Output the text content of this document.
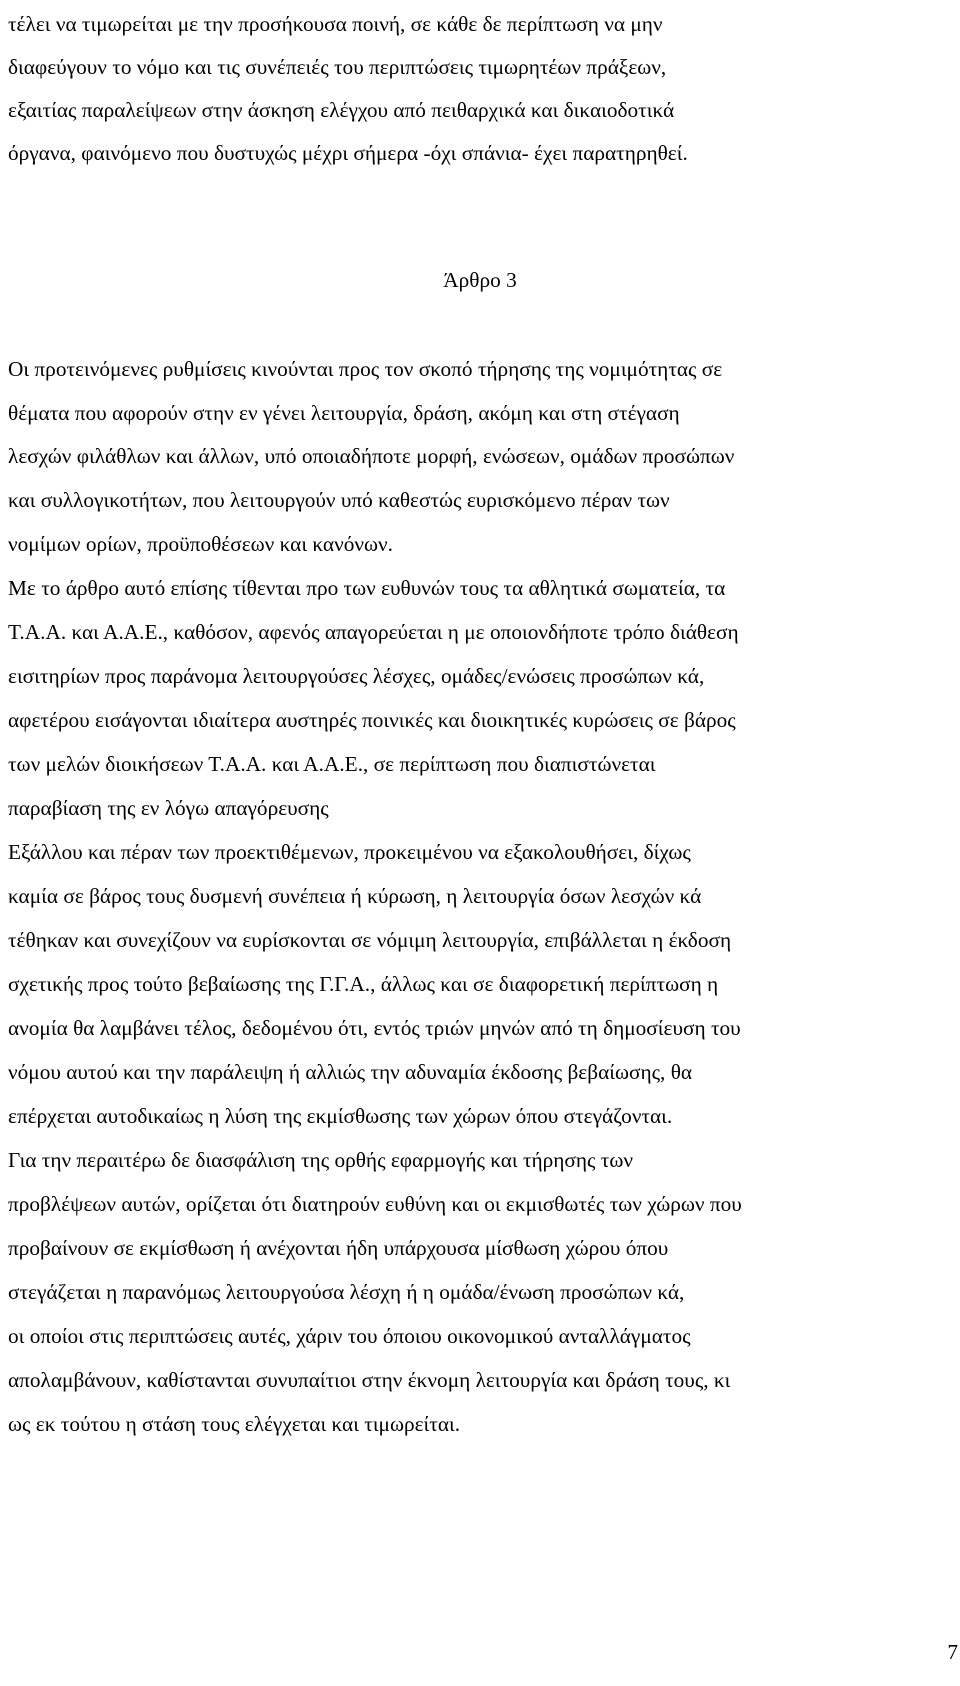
τέλει να τιμωρείται με την προσήκουσα ποινή, σε κάθε δε περίπτωση να μην
διαφεύγουν το νόμο και τις συνέπειές του περιπτώσεις τιμωρητέων πράξεων,
εξαιτίας παραλείψεων στην άσκηση ελέγχου από πειθαρχικά και δικαιοδοτικά
όργανα, φαινόμενο που δυστυχώς μέχρι σήμερα -όχι σπάνια- έχει παρατηρηθεί.
Άρθρο 3
Οι προτεινόμενες ρυθμίσεις κινούνται προς τον σκοπό τήρησης της νομιμότητας σε
θέματα που αφορούν στην εν γένει λειτουργία, δράση, ακόμη και στη στέγαση
λεσχών φιλάθλων και άλλων, υπό οποιαδήποτε μορφή, ενώσεων, ομάδων προσώπων
και συλλογικοτήτων, που λειτουργούν υπό καθεστώς ευρισκόμενο πέραν των
νομίμων ορίων, προϋποθέσεων και κανόνων.
Με το άρθρο αυτό επίσης τίθενται προ των ευθυνών τους τα αθλητικά σωματεία, τα
Τ.Α.Α. και Α.Α.Ε., καθόσον, αφενός απαγορεύεται η με οποιονδήποτε τρόπο διάθεση
εισιτηρίων προς παράνομα λειτουργούσες λέσχες, ομάδες/ενώσεις προσώπων κά,
αφετέρου εισάγονται ιδιαίτερα αυστηρές ποινικές και διοικητικές κυρώσεις σε βάρος
των μελών διοικήσεων Τ.Α.Α. και Α.Α.Ε., σε περίπτωση που διαπιστώνεται
παραβίαση της εν λόγω απαγόρευσης
Εξάλλου και πέραν των προεκτιθέμενων, προκειμένου να εξακολουθήσει, δίχως
καμία σε βάρος τους δυσμενή συνέπεια ή κύρωση, η λειτουργία όσων λεσχών κά
τέθηκαν και συνεχίζουν να ευρίσκονται σε νόμιμη λειτουργία, επιβάλλεται η έκδοση
σχετικής προς τούτο βεβαίωσης της Γ.Γ.Α., άλλως και σε διαφορετική περίπτωση η
ανομία θα λαμβάνει τέλος, δεδομένου ότι, εντός τριών μηνών από τη δημοσίευση του
νόμου αυτού και την παράλειψη ή αλλιώς την αδυναμία έκδοσης βεβαίωσης, θα
επέρχεται αυτοδικαίως η λύση της εκμίσθωσης των χώρων όπου στεγάζονται.
Για την περαιτέρω δε διασφάλιση της ορθής εφαρμογής και τήρησης των
προβλέψεων αυτών, ορίζεται ότι διατηρούν ευθύνη και οι εκμισθωτές των χώρων που
προβαίνουν σε εκμίσθωση ή ανέχονται ήδη υπάρχουσα μίσθωση χώρου όπου
στεγάζεται η παρανόμως λειτουργούσα λέσχη ή η ομάδα/ένωση προσώπων κά,
οι οποίοι στις περιπτώσεις αυτές, χάριν του όποιου οικονομικού ανταλλάγματος
απολαμβάνουν, καθίστανται συνυπαίτιοι στην έκνομη λειτουργία και δράση τους, κι
ως εκ τούτου η στάση τους ελέγχεται και τιμωρείται.
7
